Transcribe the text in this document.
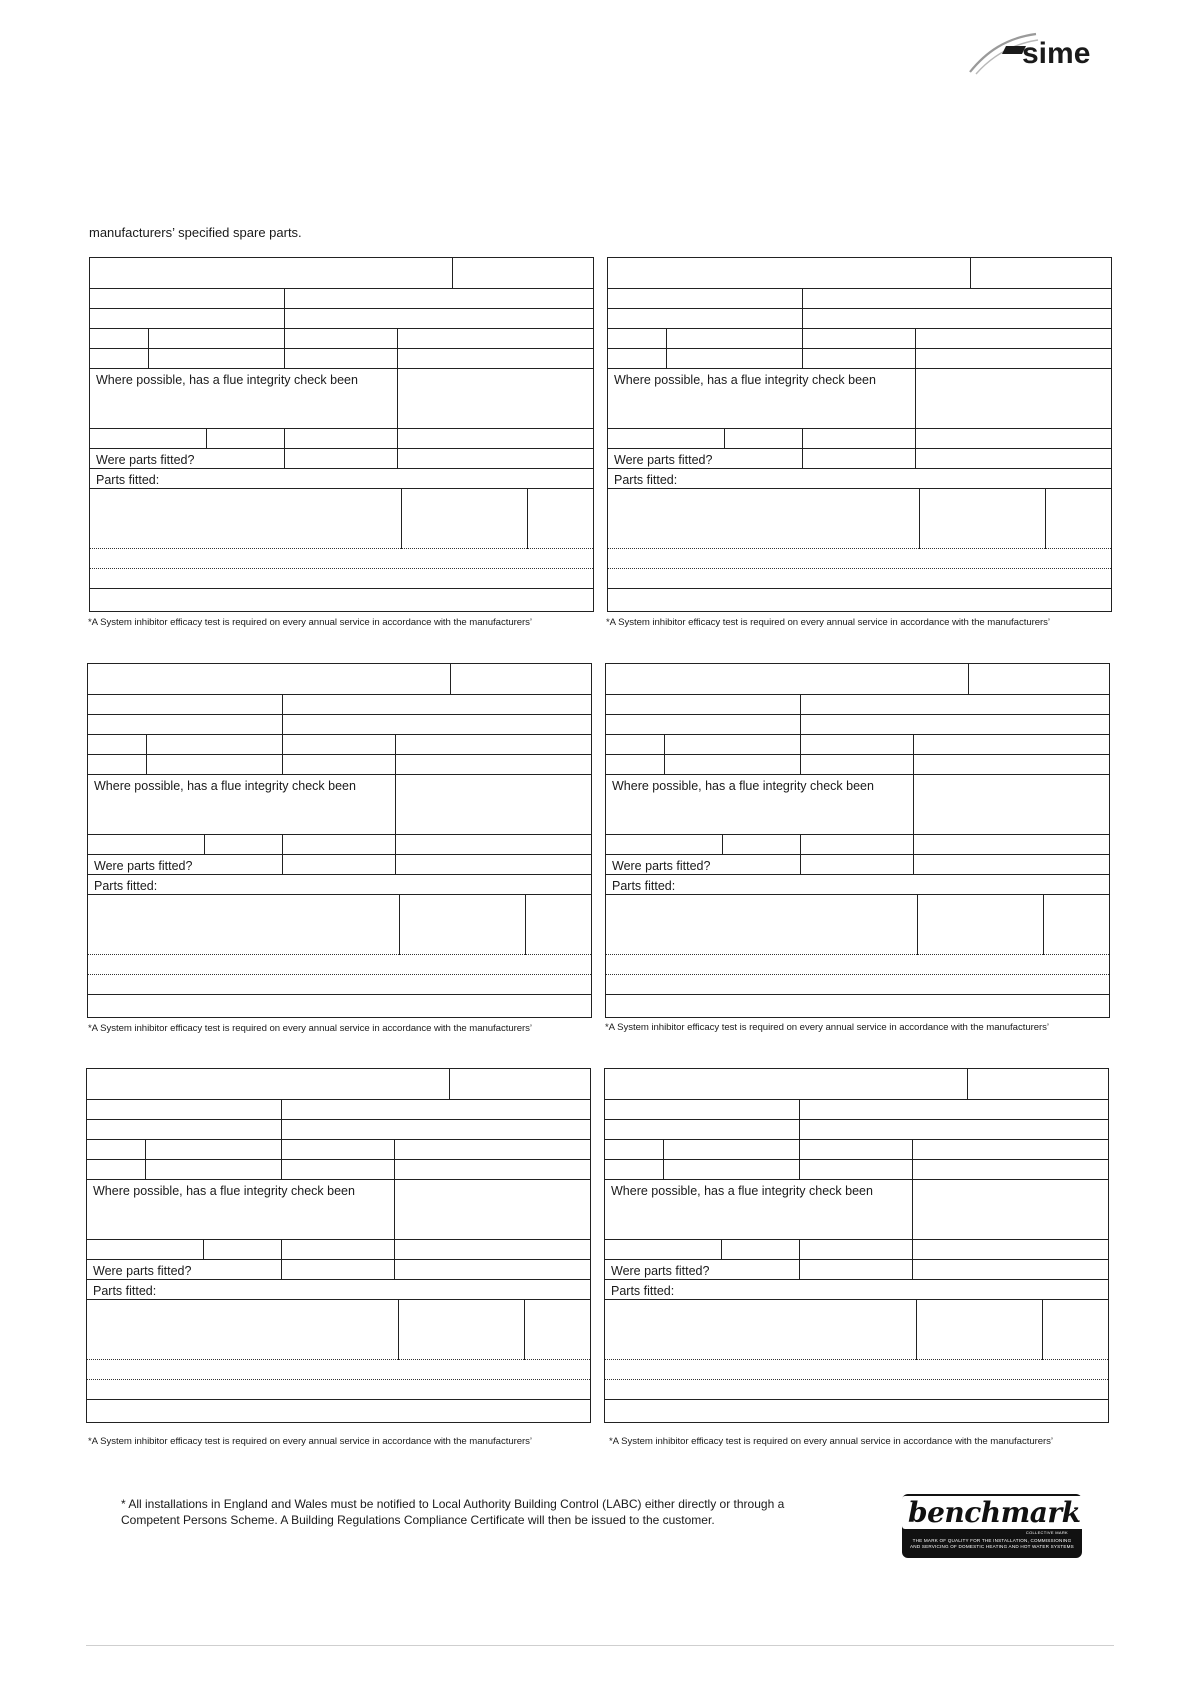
sime
manufacturers’ specified spare parts.
Where possible, has a flue integrity check been
Were parts fitted?
Parts fitted:
*A System inhibitor efficacy test is required on every annual service in accordance with the manufacturers’
Where possible, has a flue integrity check been
Were parts fitted?
Parts fitted:
*A System inhibitor efficacy test is required on every annual service in accordance with the manufacturers’
Where possible, has a flue integrity check been
Were parts fitted?
Parts fitted:
*A System inhibitor efficacy test is required on every annual service in accordance with the manufacturers’
Where possible, has a flue integrity check been
Were parts fitted?
Parts fitted:
*A System inhibitor efficacy test is required on every annual service in accordance with the manufacturers’
Where possible, has a flue integrity check been
Were parts fitted?
Parts fitted:
*A System inhibitor efficacy test is required on every annual service in accordance with the manufacturers’
Where possible, has a flue integrity check been
Were parts fitted?
Parts fitted:
*A System inhibitor efficacy test is required on every annual service in accordance with the manufacturers’
* All installations in England and Wales must be notified to Local Authority Building Control (LABC) either directly or through a
Competent Persons Scheme. A Building Regulations Compliance Certificate will then be issued to the customer.	benchmark
COLLECTIVE MARK
THE MARK OF QUALITY FOR THE INSTALLATION, COMMISSIONING
AND SERVICING OF DOMESTIC HEATING AND HOT WATER SYSTEMS
